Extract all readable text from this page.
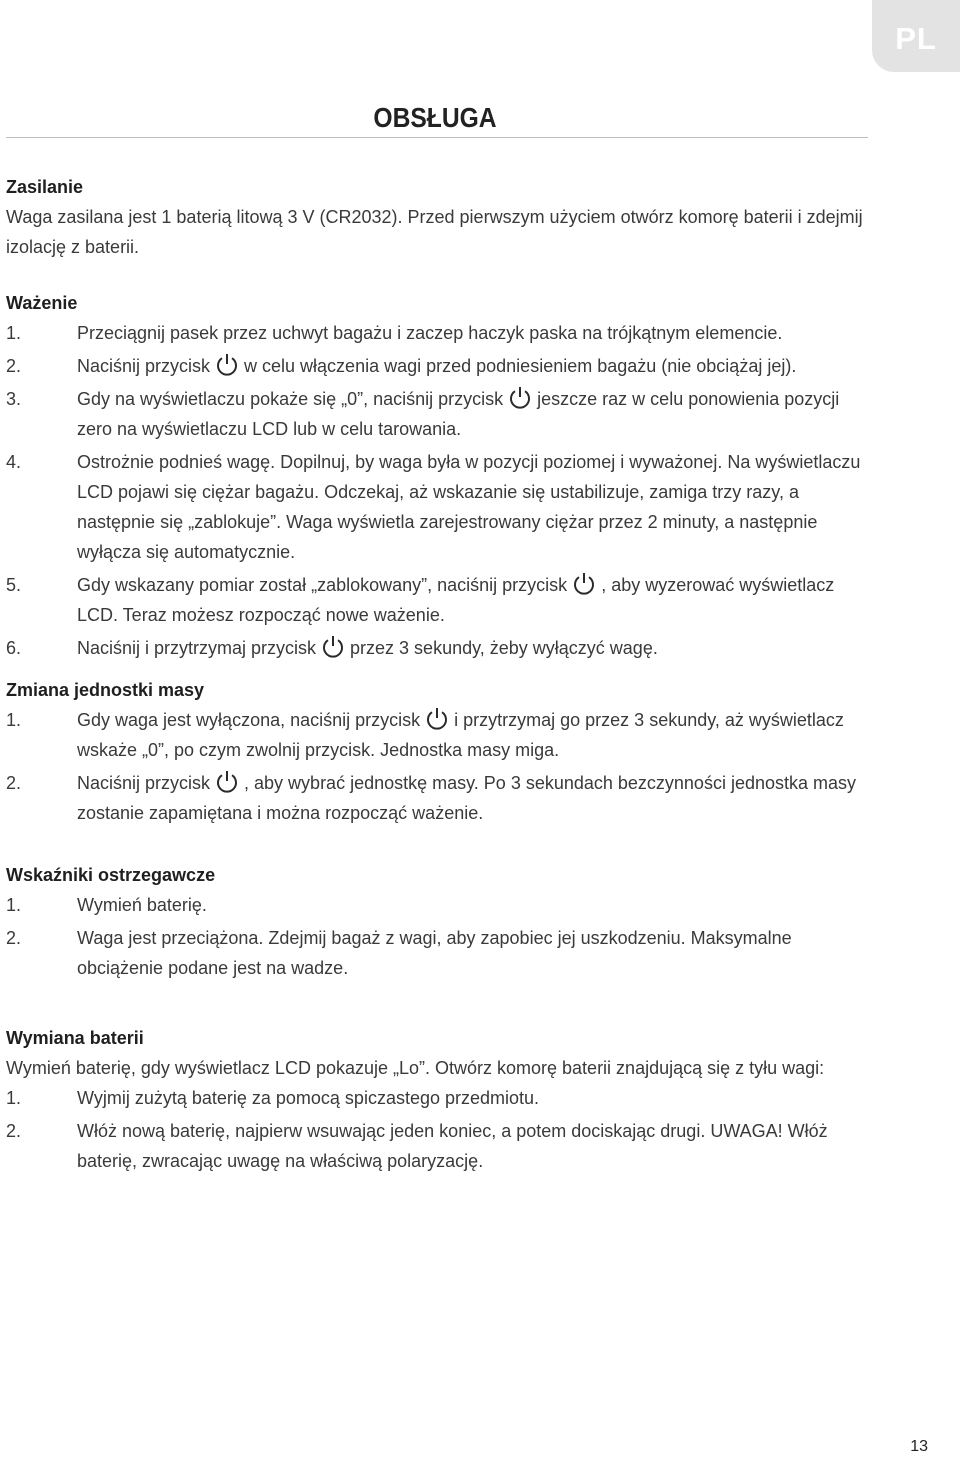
PL
OBSŁUGA
Zasilanie

Waga zasilana jest 1 baterią litową 3 V (CR2032). Przed pierwszym użyciem otwórz komorę baterii i zdejmij izolację z baterii.

Ważenie
1.	Przeciągnij pasek przez uchwyt bagażu i zaczep haczyk paska na trójkątnym elemencie.
2.	Naciśnij przycisk w celu włączenia wagi przed podniesieniem bagażu (nie obciążaj jej).
3.	Gdy na wyświetlaczu pokaże się „0”, naciśnij przycisk jeszcze raz w celu ponowienia pozycji zero na wyświetlaczu LCD lub w celu tarowania.
4.	Ostrożnie podnieś wagę. Dopilnuj, by waga była w pozycji poziomej i wyważonej. Na wyświetlaczu LCD pojawi się ciężar bagażu. Odczekaj, aż wskazanie się ustabilizuje, zamiga trzy razy, a następnie się „zablokuje”. Waga wyświetla zarejestrowany ciężar przez 2 minuty, a następnie wyłącza się automatycznie.
5.	Gdy wskazany pomiar został „zablokowany”, naciśnij przycisk , aby wyzerować wyświetlacz LCD. Teraz możesz rozpocząć nowe ważenie.
6.	Naciśnij i przytrzymaj przycisk przez 3 sekundy, żeby wyłączyć wagę.
Zmiana jednostki masy
1.	Gdy waga jest wyłączona, naciśnij przycisk i przytrzymaj go przez 3 sekundy, aż wyświetlacz wskaże „0”, po czym zwolnij przycisk. Jednostka masy miga.
2.	Naciśnij przycisk , aby wybrać jednostkę masy. Po 3 sekundach bezczynności jednostka masy zostanie zapamiętana i można rozpocząć ważenie.
Wskaźniki ostrzegawcze
1.	Wymień baterię.
2.	Waga jest przeciążona. Zdejmij bagaż z wagi, aby zapobiec jej uszkodzeniu. Maksymalne obciążenie podane jest na wadze.
Wymiana baterii

Wymień baterię, gdy wyświetlacz LCD pokazuje „Lo”. Otwórz komorę baterii znajdującą się z tyłu wagi:

1.	Wyjmij zużytą baterię za pomocą spiczastego przedmiotu.
2.	Włóż nową baterię, najpierw wsuwając jeden koniec, a potem dociskając drugi. UWAGA! Włóż baterię, zwracając uwagę na właściwą polaryzację.
13
